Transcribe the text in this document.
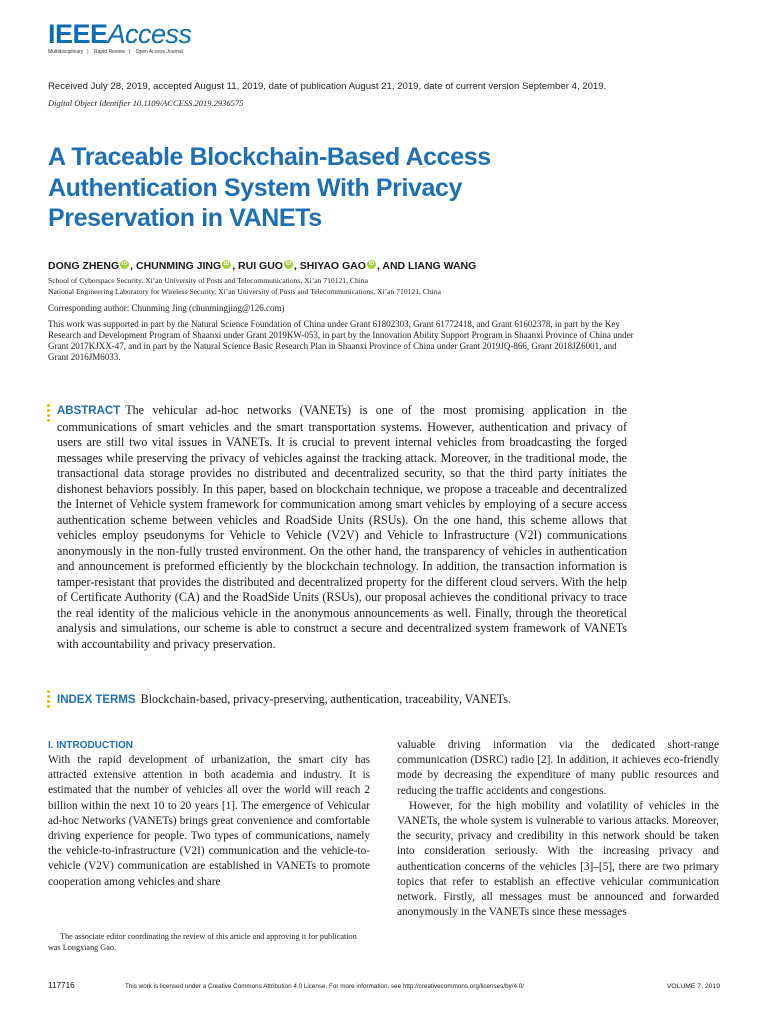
IEEEAccess
Multidisciplinary | Rapid Review | Open Access Journal
Received July 28, 2019, accepted August 11, 2019, date of publication August 21, 2019, date of current version September 4, 2019.
Digital Object Identifier 10.1109/ACCESS.2019.2936575
A Traceable Blockchain-Based Access Authentication System With Privacy Preservation in VANETs
DONG ZHENG iD , CHUNMING JING iD , RUI GUO iD , SHIYAO GAO iD , AND LIANG WANG
School of Cyberspace Security, Xi’an University of Posts and Telecommunications, Xi’an 710121, China
National Engineering Laboratory for Wireless Security, Xi’an University of Posts and Telecommunications, Xi’an 710121, China
Corresponding author: Chunming Jing (chunmingjing@126.com)
This work was supported in part by the Natural Science Foundation of China under Grant 61802303, Grant 61772418, and Grant 61602378, in part by the Key Research and Development Program of Shaanxi under Grant 2019KW-053, in part by the Innovation Ability Support Program in Shaanxi Province of China under Grant 2017KJXX-47, and in part by the Natural Science Basic Research Plan in Shaanxi Province of China under Grant 2019JQ-866, Grant 2018JZ6001, and Grant 2016JM6033.
ABSTRACT The vehicular ad-hoc networks (VANETs) is one of the most promising application in the communications of smart vehicles and the smart transportation systems. However, authentication and privacy of users are still two vital issues in VANETs. It is crucial to prevent internal vehicles from broadcasting the forged messages while preserving the privacy of vehicles against the tracking attack. Moreover, in the traditional mode, the transactional data storage provides no distributed and decentralized security, so that the third party initiates the dishonest behaviors possibly. In this paper, based on blockchain technique, we propose a traceable and decentralized the Internet of Vehicle system framework for communication among smart vehicles by employing of a secure access authentication scheme between vehicles and RoadSide Units (RSUs). On the one hand, this scheme allows that vehicles employ pseudonyms for Vehicle to Vehicle (V2V) and Vehicle to Infrastructure (V2I) communications anonymously in the non-fully trusted environment. On the other hand, the transparency of vehicles in authentication and announcement is preformed efficiently by the blockchain technology. In addition, the transaction information is tamper-resistant that provides the distributed and decentralized property for the different cloud servers. With the help of Certificate Authority (CA) and the RoadSide Units (RSUs), our proposal achieves the conditional privacy to trace the real identity of the malicious vehicle in the anonymous announcements as well. Finally, through the theoretical analysis and simulations, our scheme is able to construct a secure and decentralized system framework of VANETs with accountability and privacy preservation.
INDEX TERMS Blockchain-based, privacy-preserving, authentication, traceability, VANETs.
I. INTRODUCTION

With the rapid development of urbanization, the smart city has attracted extensive attention in both academia and industry. It is estimated that the number of vehicles all over the world will reach 2 billion within the next 10 to 20 years [1]. The emergence of Vehicular ad-hoc Networks (VANETs) brings great convenience and comfortable driving experience for people. Two types of communications, namely the vehicle-to-infrastructure (V2I) communication and the vehicle-to-vehicle (V2V) communication are established in VANETs to promote cooperation among vehicles and share

The associate editor coordinating the review of this article and approving it for publication was Longxiang Gao.

valuable driving information via the dedicated short-range communication (DSRC) radio [2]. In addition, it achieves eco-friendly mode by decreasing the expenditure of many public resources and reducing the traffic accidents and congestions.

However, for the high mobility and volatility of vehicles in the VANETs, the whole system is vulnerable to various attacks. Moreover, the security, privacy and credibility in this network should be taken into consideration seriously. With the increasing privacy and authentication concerns of the vehicles [3]–[5], there are two primary topics that refer to establish an effective vehicular communication network. Firstly, all messages must be announced and forwarded anonymously in the VANETs since these messages

117716	This work is licensed under a Creative Commons Attribution 4.0 License. For more information, see http://creativecommons.org/licenses/by/4.0/	VOLUME 7, 2019
